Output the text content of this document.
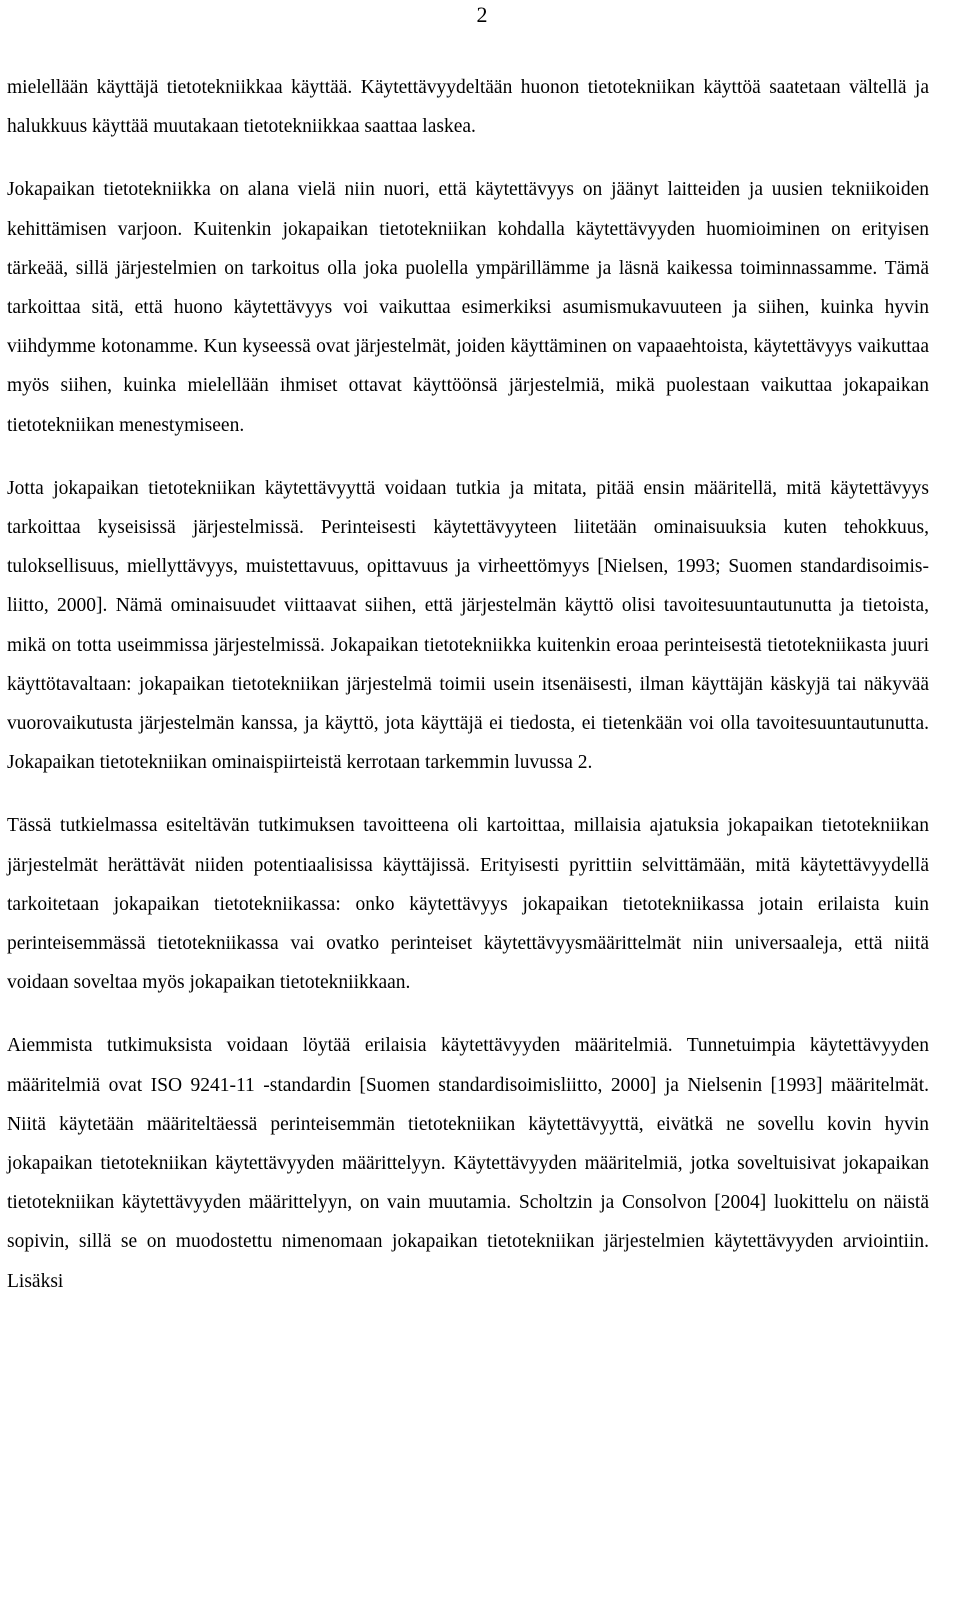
2

mielellään käyttäjä tietotekniikkaa käyttää. Käytettävyydeltään huonon tietotekniikan käyttöä saatetaan vältellä ja halukkuus käyttää muutakaan tietotekniikkaa saattaa laskea.

Jokapaikan tietotekniikka on alana vielä niin nuori, että käytettävyys on jäänyt laitteiden ja uusien tekniikoiden kehittämisen varjoon. Kuitenkin jokapaikan tietotekniikan kohdalla käytettävyyden huomioiminen on erityisen tärkeää, sillä järjestelmien on tarkoitus olla joka puolella ympärillämme ja läsnä kaikessa toiminnassamme. Tämä tarkoittaa sitä, että huono käytettävyys voi vaikuttaa esimerkiksi asumismukavuuteen ja siihen, kuinka hyvin viihdymme kotonamme. Kun kyseessä ovat järjestelmät, joiden käyttäminen on vapaaehtoista, käytettävyys vaikuttaa myös siihen, kuinka mielellään ihmiset ottavat käyttöönsä järjestelmiä, mikä puolestaan vaikuttaa jokapaikan tietotekniikan menestymiseen.

Jotta jokapaikan tietotekniikan käytettävyyttä voidaan tutkia ja mitata, pitää ensin määritellä, mitä käytettävyys tarkoittaa kyseisissä järjestelmissä. Perinteisesti käytettävyyteen liitetään ominaisuuksia kuten tehokkuus, tuloksellisuus, miellyttävyys, muistettavuus, opittavuus ja virheettömyys [Nielsen, 1993; Suomen standardisoimisliitto, 2000]. Nämä ominaisuudet viittaavat siihen, että järjestelmän käyttö olisi tavoitesuuntautunutta ja tietoista, mikä on totta useimmissa järjestelmissä. Jokapaikan tietotekniikka kuitenkin eroaa perinteisestä tietotekniikasta juuri käyttötavaltaan: jokapaikan tietotekniikan järjestelmä toimii usein itsenäisesti, ilman käyttäjän käskyjä tai näkyvää vuorovaikutusta järjestelmän kanssa, ja käyttö, jota käyttäjä ei tiedosta, ei tietenkään voi olla tavoitesuuntautunutta. Jokapaikan tietotekniikan ominaispiirteistä kerrotaan tarkemmin luvussa 2.

Tässä tutkielmassa esiteltävän tutkimuksen tavoitteena oli kartoittaa, millaisia ajatuksia jokapaikan tietotekniikan järjestelmät herättävät niiden potentiaalisissa käyttäjissä. Erityisesti pyrittiin selvittämään, mitä käytettävyydellä tarkoitetaan jokapaikan tietotekniikassa: onko käytettävyys jokapaikan tietotekniikassa jotain erilaista kuin perinteisemmässä tietotekniikassa vai ovatko perinteiset käytettävyysmäärittelmät niin universaaleja, että niitä voidaan soveltaa myös jokapaikan tietotekniikkaan.

Aiemmista tutkimuksista voidaan löytää erilaisia käytettävyyden määritelmiä. Tunnetuimpia käytettävyyden määritelmiä ovat ISO 9241-11 -standardin [Suomen standardisoimisliitto, 2000] ja Nielsenin [1993] määritelmät. Niitä käytetään määriteltäessä perinteisemmän tietotekniikan käytettävyyttä, eivätkä ne sovellu kovin hyvin jokapaikan tietotekniikan käytettävyyden määrittelyyn. Käytettävyyden määritelmiä, jotka soveltuisivat jokapaikan tietotekniikan käytettävyyden määrittelyyn, on vain muutamia. Scholtzin ja Consolvon [2004] luokittelu on näistä sopivin, sillä se on muodostettu nimenomaan jokapaikan tietotekniikan järjestelmien käytettävyyden arviointiin. Lisäksi
